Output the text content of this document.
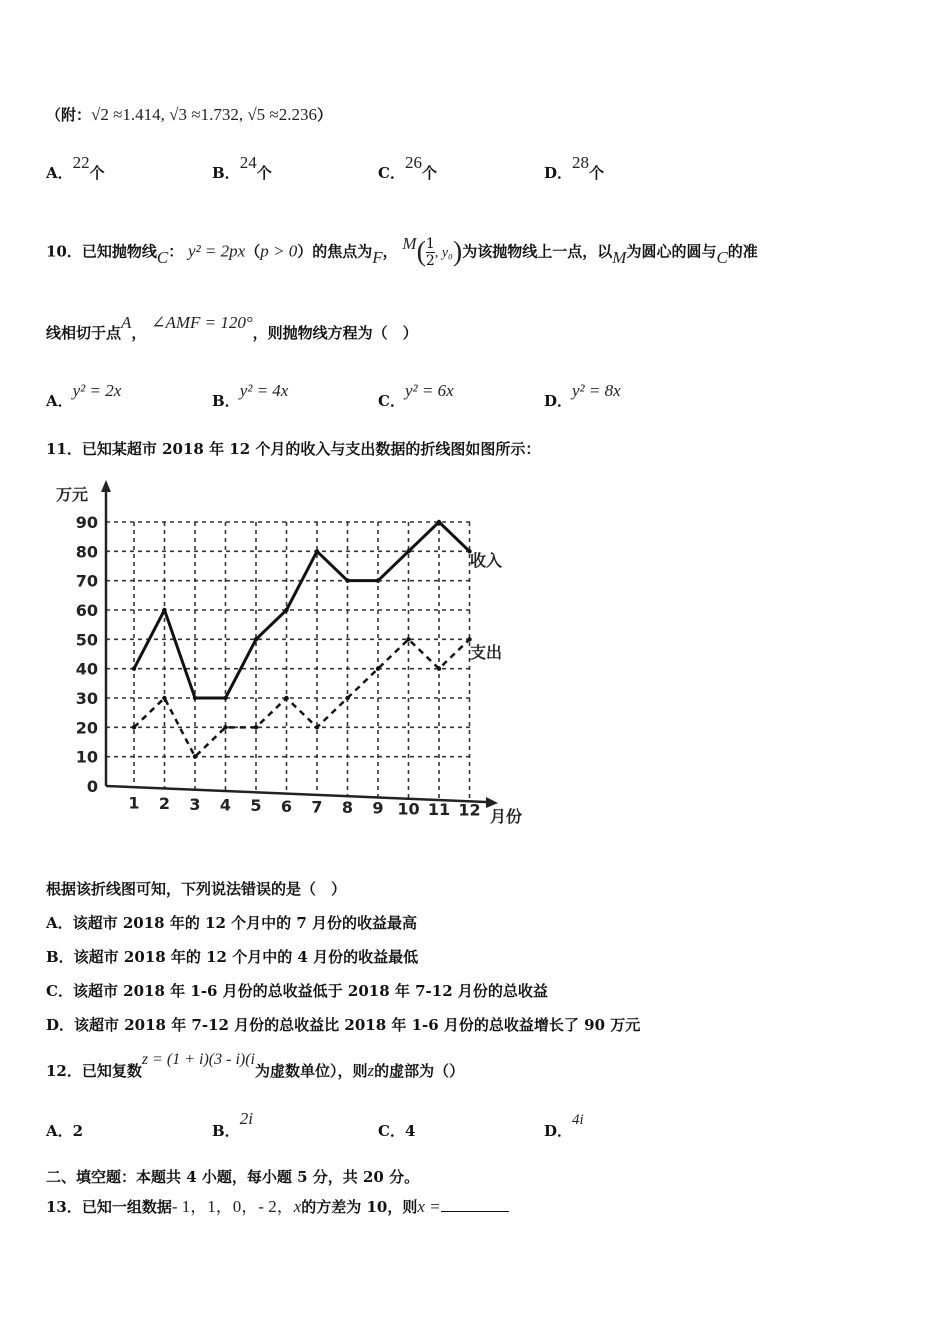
（附：√2 ≈1.414, √3 ≈1.732, √5 ≈2.236）
A．22个	B．24个	C．26个	D．28个
10．已知抛物线C： y² = 2px（p > 0）的焦点为F， $M( \frac{1}{2}$ , y₀)为该抛物线上一点，以M为圆心的圆与C的准
线相切于点A， ∠AMF = 120°，则抛物线方程为（　）
A．y² = 2x
B．y² = 4x
C．y² = 6x
D．y² = 8x
11．已知某超市 2018 年 12 个月的收入与支出数据的折线图如图所示：
0
10
20
30
40
50
60
70
80
90
1 2 3 4 5 6 7 8 9 10 11 12
万元
月份
收入
支出
根据该折线图可知，下列说法错误的是（　）
A．该超市 2018 年的 12 个月中的 7 月份的收益最高
B．该超市 2018 年的 12 个月中的 4 月份的收益最低
C．该超市 2018 年 1-6 月份的总收益低于 2018 年 7-12 月份的总收益
D．该超市 2018 年 7-12 月份的总收益比 2018 年 1-6 月份的总收益增长了 90 万元
12．已知复数z = (1 + i)(3 - i)(i为虚数单位），则z的虚部为（）
A．2	B．2i
C．4	D．4i
二、填空题：本题共 4 小题，每小题 5 分，共 20 分。
13．已知一组数据- 1，1，0，- 2，x的方差为 10，则x =
